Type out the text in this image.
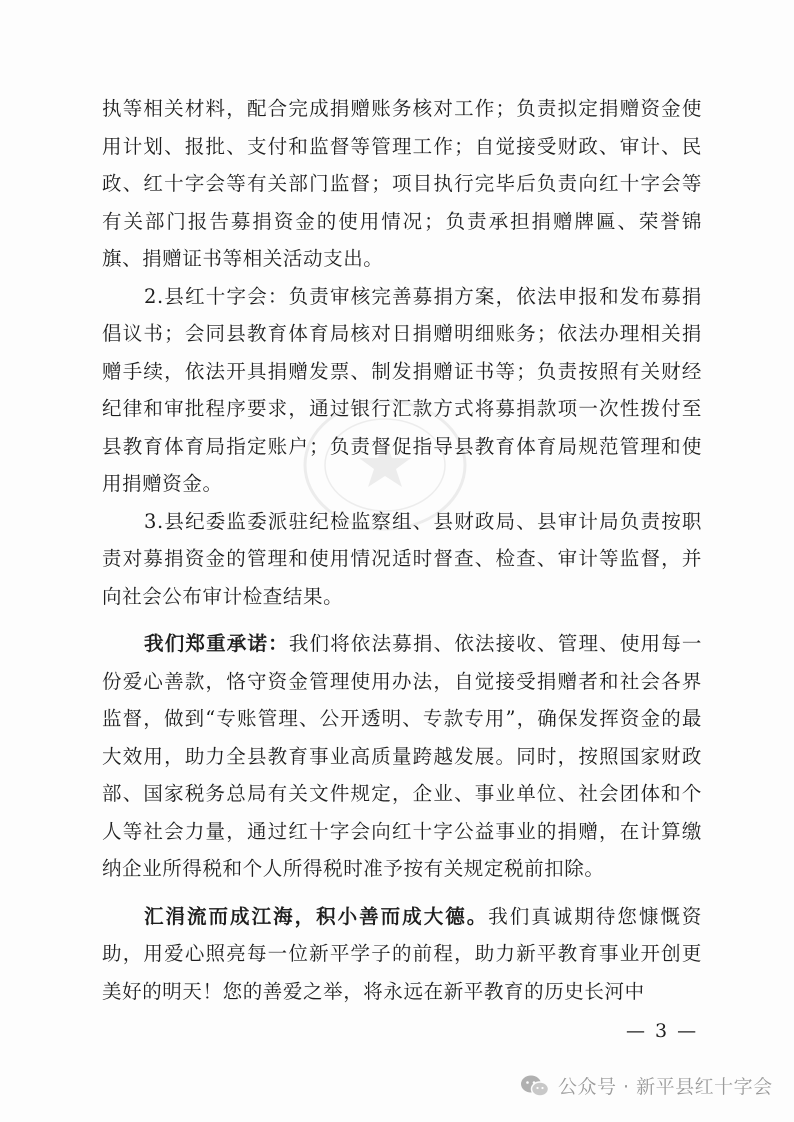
执等相关材料，配合完成捐赠账务核对工作；负责拟定捐赠资金使用计划、报批、支付和监督等管理工作；自觉接受财政、审计、民政、红十字会等有关部门监督；项目执行完毕后负责向红十字会等有关部门报告募捐资金的使用情况；负责承担捐赠牌匾、荣誉锦旗、捐赠证书等相关活动支出。

2.县红十字会：负责审核完善募捐方案，依法申报和发布募捐倡议书；会同县教育体育局核对日捐赠明细账务；依法办理相关捐赠手续，依法开具捐赠发票、制发捐赠证书等；负责按照有关财经纪律和审批程序要求，通过银行汇款方式将募捐款项一次性拨付至县教育体育局指定账户；负责督促指导县教育体育局规范管理和使用捐赠资金。

3.县纪委监委派驻纪检监察组、县财政局、县审计局负责按职责对募捐资金的管理和使用情况适时督查、检查、审计等监督，并向社会公布审计检查结果。

我们郑重承诺：我们将依法募捐、依法接收、管理、使用每一份爱心善款，恪守资金管理使用办法，自觉接受捐赠者和社会各界监督，做到“专账管理、公开透明、专款专用”，确保发挥资金的最大效用，助力全县教育事业高质量跨越发展。同时，按照国家财政部、国家税务总局有关文件规定，企业、事业单位、社会团体和个人等社会力量，通过红十字会向红十字公益事业的捐赠，在计算缴纳企业所得税和个人所得税时准予按有关规定税前扣除。

汇涓流而成江海，积小善而成大德。我们真诚期待您慷慨资助，用爱心照亮每一位新平学子的前程，助力新平教育事业开创更美好的明天！您的善爱之举，将永远在新平教育的历史长河中

— 3 —
公众号 · 新平县红十字会
